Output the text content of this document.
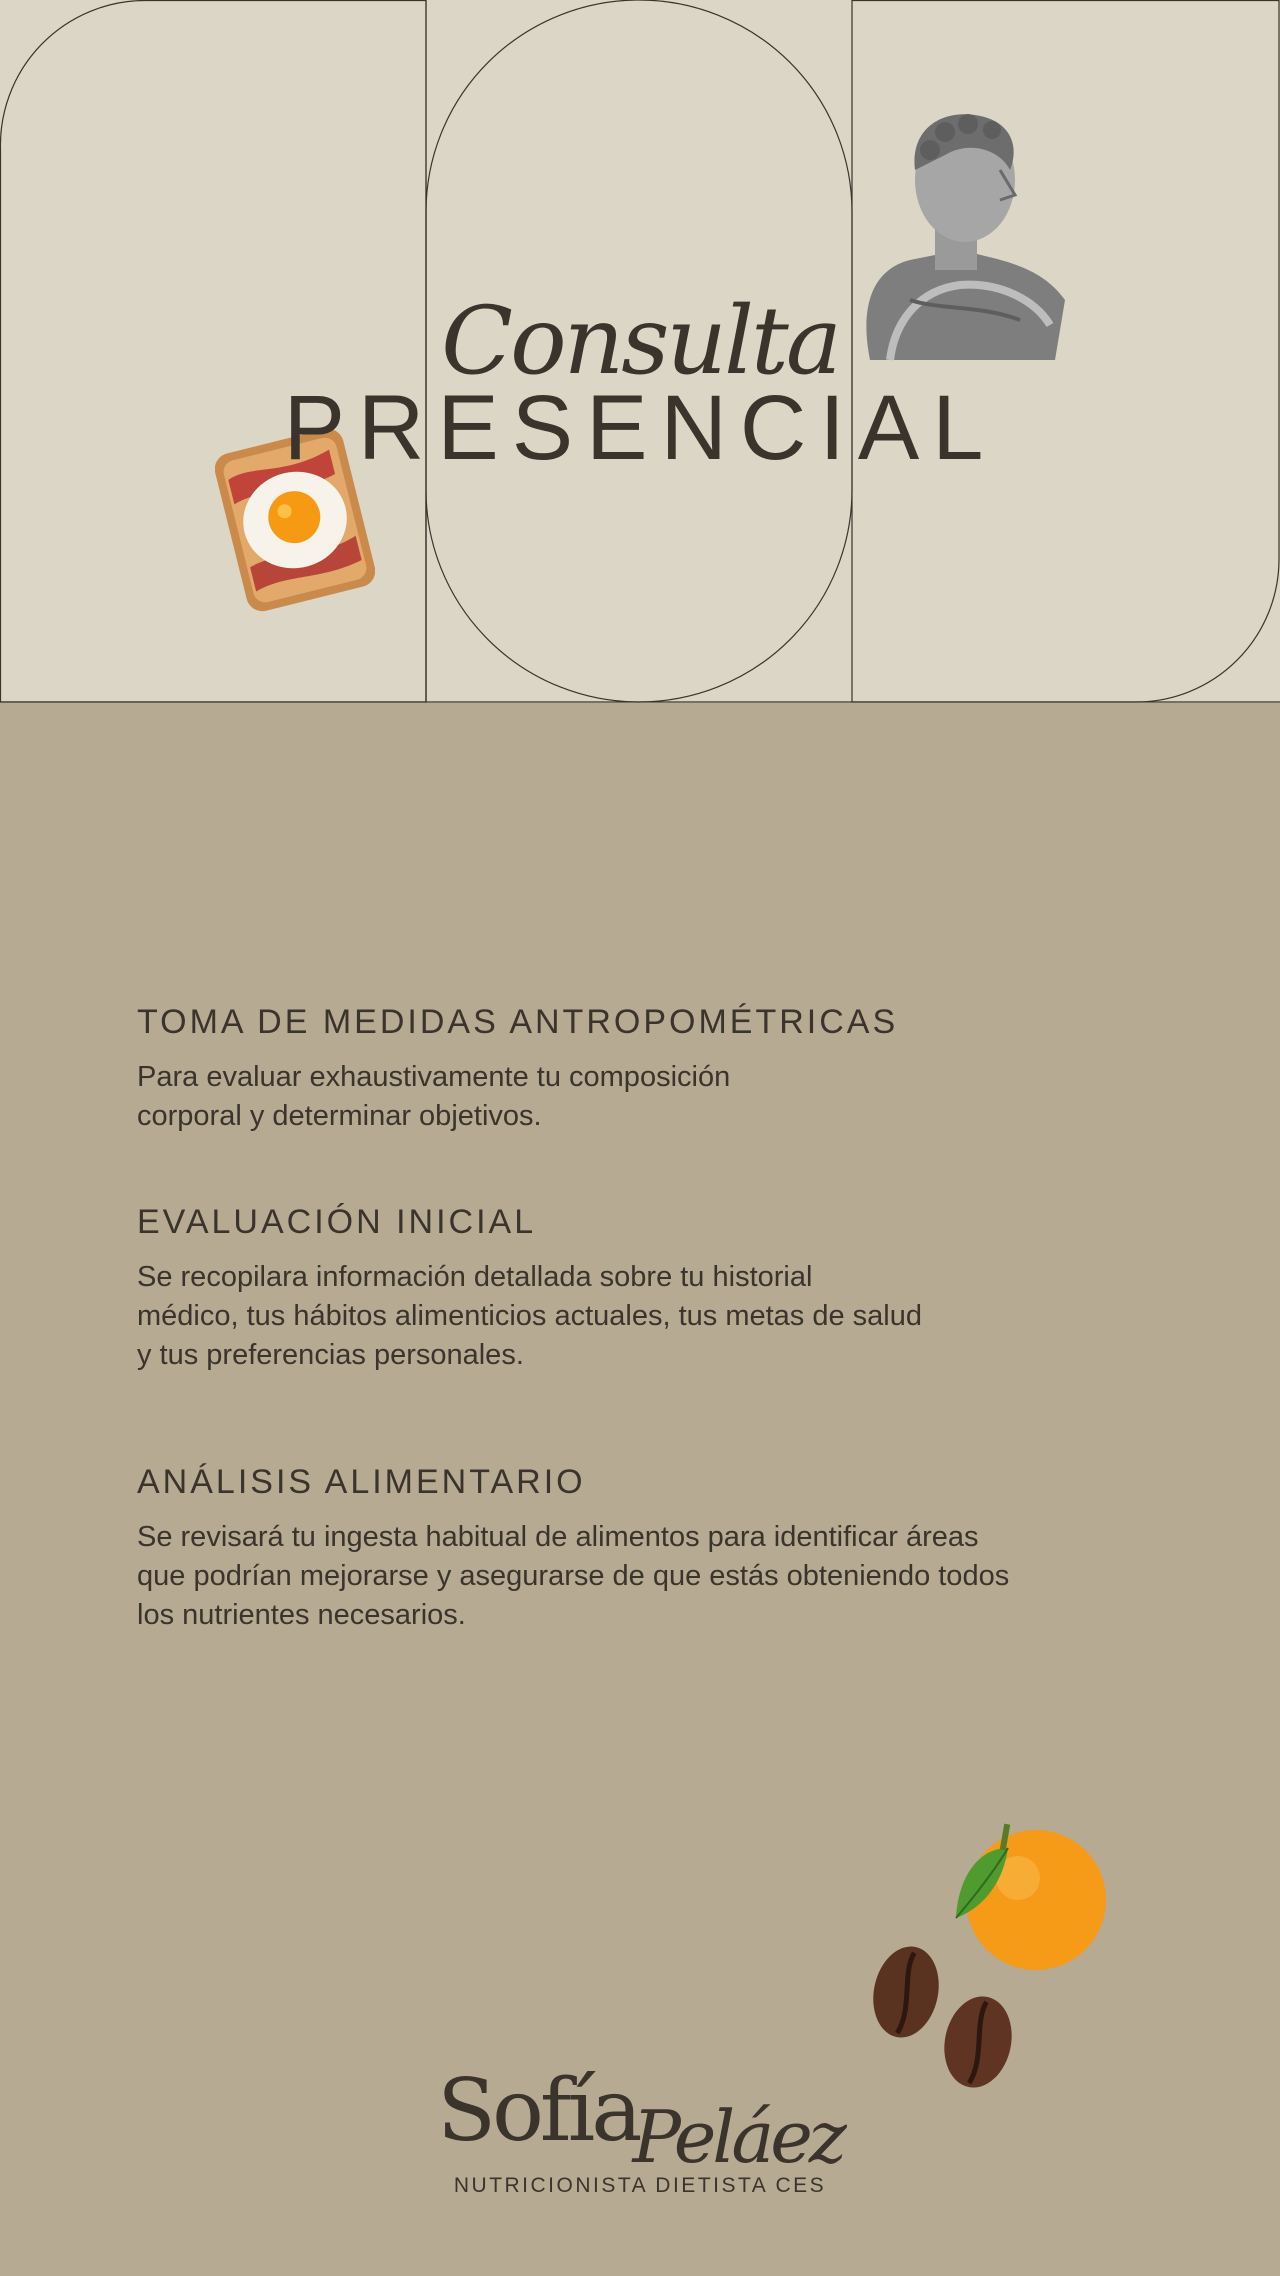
Consulta
PRESENCIAL
TOMA DE MEDIDAS ANTROPOMÉTRICAS

Para evaluar exhaustivamente tu composición
corporal y determinar objetivos.

EVALUACIÓN INICIAL

Se recopilara información detallada sobre tu historial
médico, tus hábitos alimenticios actuales, tus metas de salud
y tus preferencias personales.

ANÁLISIS ALIMENTARIO

Se revisará tu ingesta habitual de alimentos para identificar áreas
que podrían mejorarse y asegurarse de que estás obteniendo todos
los nutrientes necesarios.

Sofía$_{Peláez}$
NUTRICIONISTA DIETISTA CES
